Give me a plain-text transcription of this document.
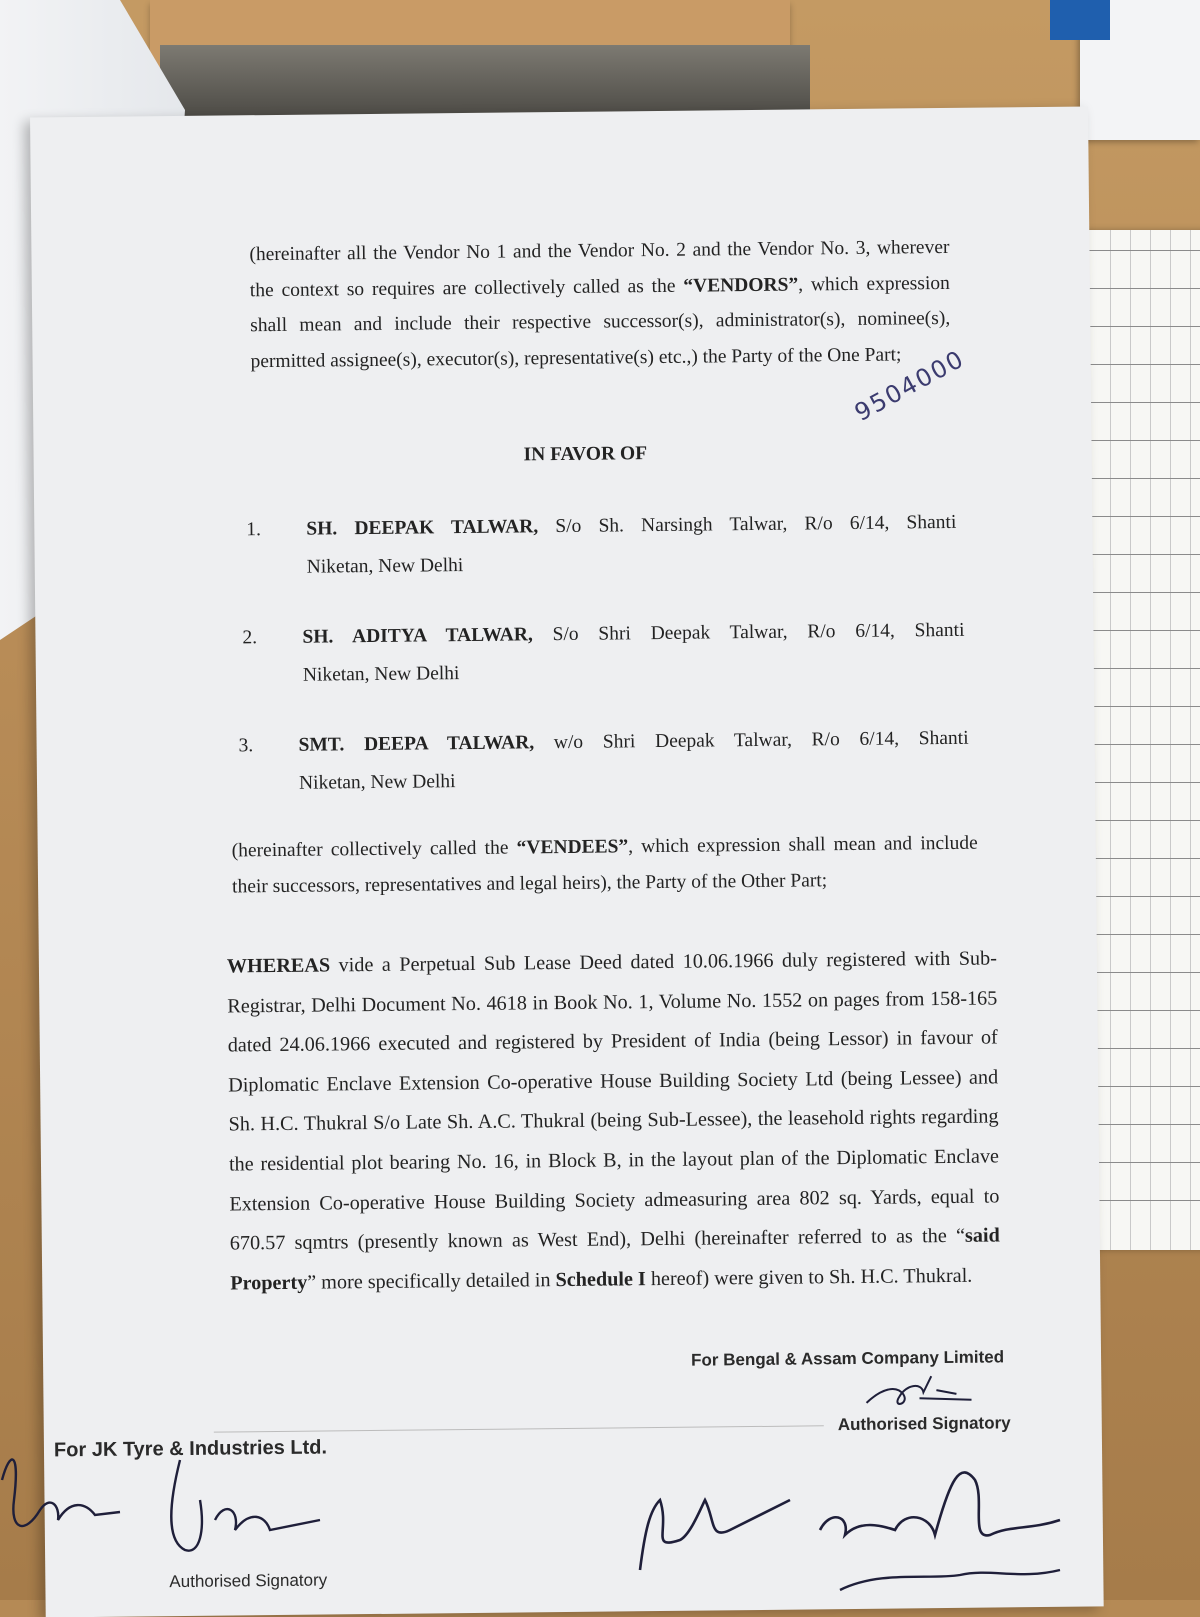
(hereinafter all the Vendor No 1 and the Vendor No. 2 and the Vendor No. 3, wherever the context so requires are collectively called as the “VENDORS”, which expression shall mean and include their respective successor(s), administrator(s), nominee(s), permitted assignee(s), executor(s), representative(s) etc.,) the Party of the One Part;
IN FAVOR OF
9504000
1. SH. DEEPAK TALWAR, S/o Sh. Narsingh Talwar, R/o 6/14, Shanti
Niketan, New Delhi
2. SH. ADITYA TALWAR, S/o Shri Deepak Talwar, R/o 6/14, Shanti
Niketan, New Delhi
3. SMT. DEEPA TALWAR, w/o Shri Deepak Talwar, R/o 6/14, Shanti
Niketan, New Delhi
(hereinafter collectively called the “VENDEES”, which expression shall mean and include their successors, representatives and legal heirs), the Party of the Other Part;
WHEREAS vide a Perpetual Sub Lease Deed dated 10.06.1966 duly registered with Sub-Registrar, Delhi Document No. 4618 in Book No. 1, Volume No. 1552 on pages from 158-165 dated 24.06.1966 executed and registered by President of India (being Lessor) in favour of Diplomatic Enclave Extension Co-operative House Building Society Ltd (being Lessee) and Sh. H.C. Thukral S/o Late Sh. A.C. Thukral (being Sub-Lessee), the leasehold rights regarding the residential plot bearing No. 16, in Block B, in the layout plan of the Diplomatic Enclave Extension Co-operative House Building Society admeasuring area 802 sq. Yards, equal to 670.57 sqmtrs (presently known as West End), Delhi (hereinafter referred to as the “said Property” more specifically detailed in Schedule I hereof) were given to Sh. H.C. Thukral.
For Bengal & Assam Company Limited
Authorised Signatory
For JK Tyre & Industries Ltd.
Authorised Signatory
